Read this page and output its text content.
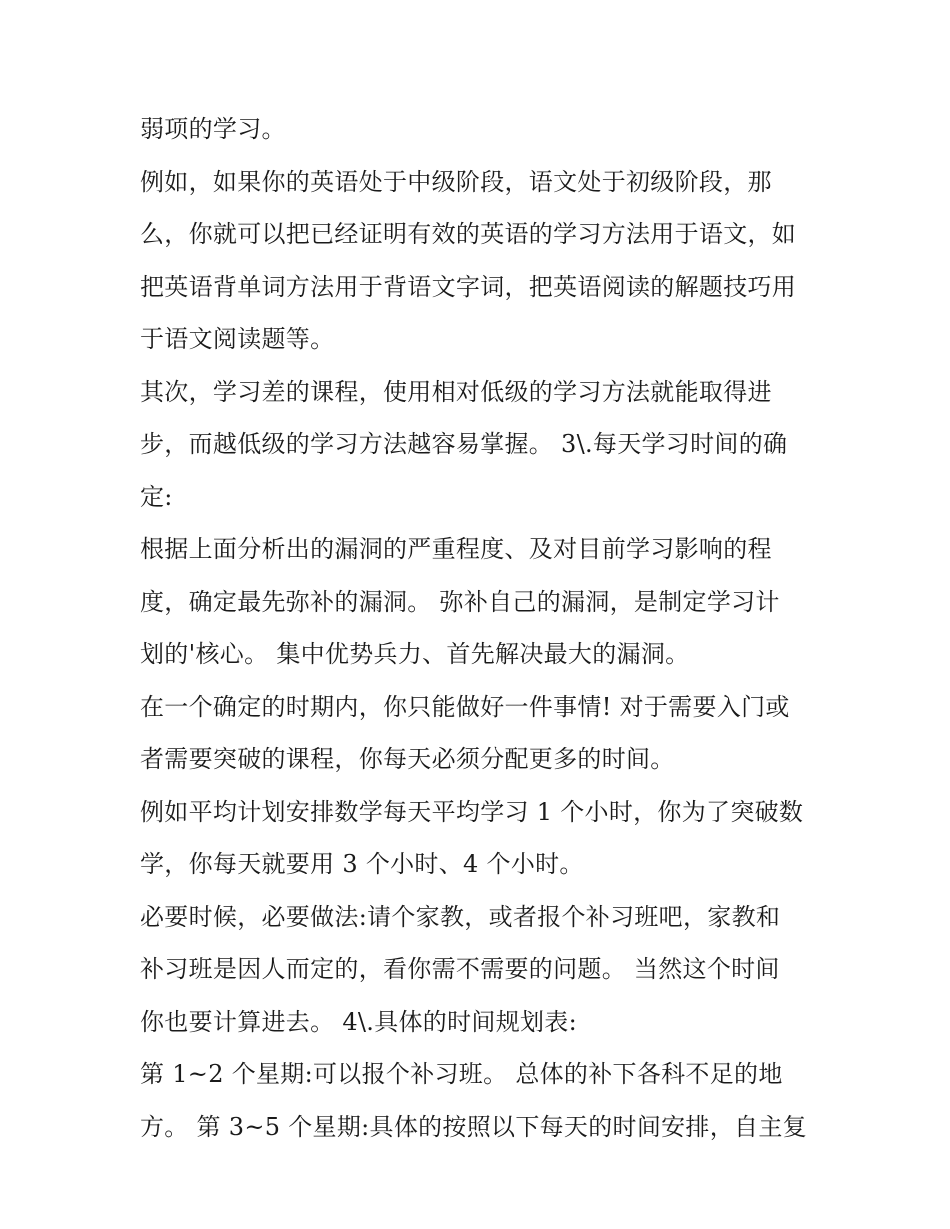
弱项的学习。
例如，如果你的英语处于中级阶段，语文处于初级阶段，那
么，你就可以把已经证明有效的英语的学习方法用于语文，如
把英语背单词方法用于背语文字词，把英语阅读的解题技巧用
于语文阅读题等。
其次，学习差的课程，使用相对低级的学习方法就能取得进
步，而越低级的学习方法越容易掌握。 3\.每天学习时间的确
定:
根据上面分析出的漏洞的严重程度、及对目前学习影响的程
度，确定最先弥补的漏洞。 弥补自己的漏洞，是制定学习计
划的'核心。 集中优势兵力、首先解决最大的漏洞。
在一个确定的时期内，你只能做好一件事情! 对于需要入门或
者需要突破的课程，你每天必须分配更多的时间。
例如平均计划安排数学每天平均学习 1 个小时，你为了突破数
学，你每天就要用 3 个小时、4 个小时。
必要时候，必要做法:请个家教，或者报个补习班吧，家教和
补习班是因人而定的，看你需不需要的问题。 当然这个时间
你也要计算进去。 4\.具体的时间规划表:
第 1~2 个星期:可以报个补习班。 总体的补下各科不足的地
方。 第 3~5 个星期:具体的按照以下每天的时间安排，自主复
